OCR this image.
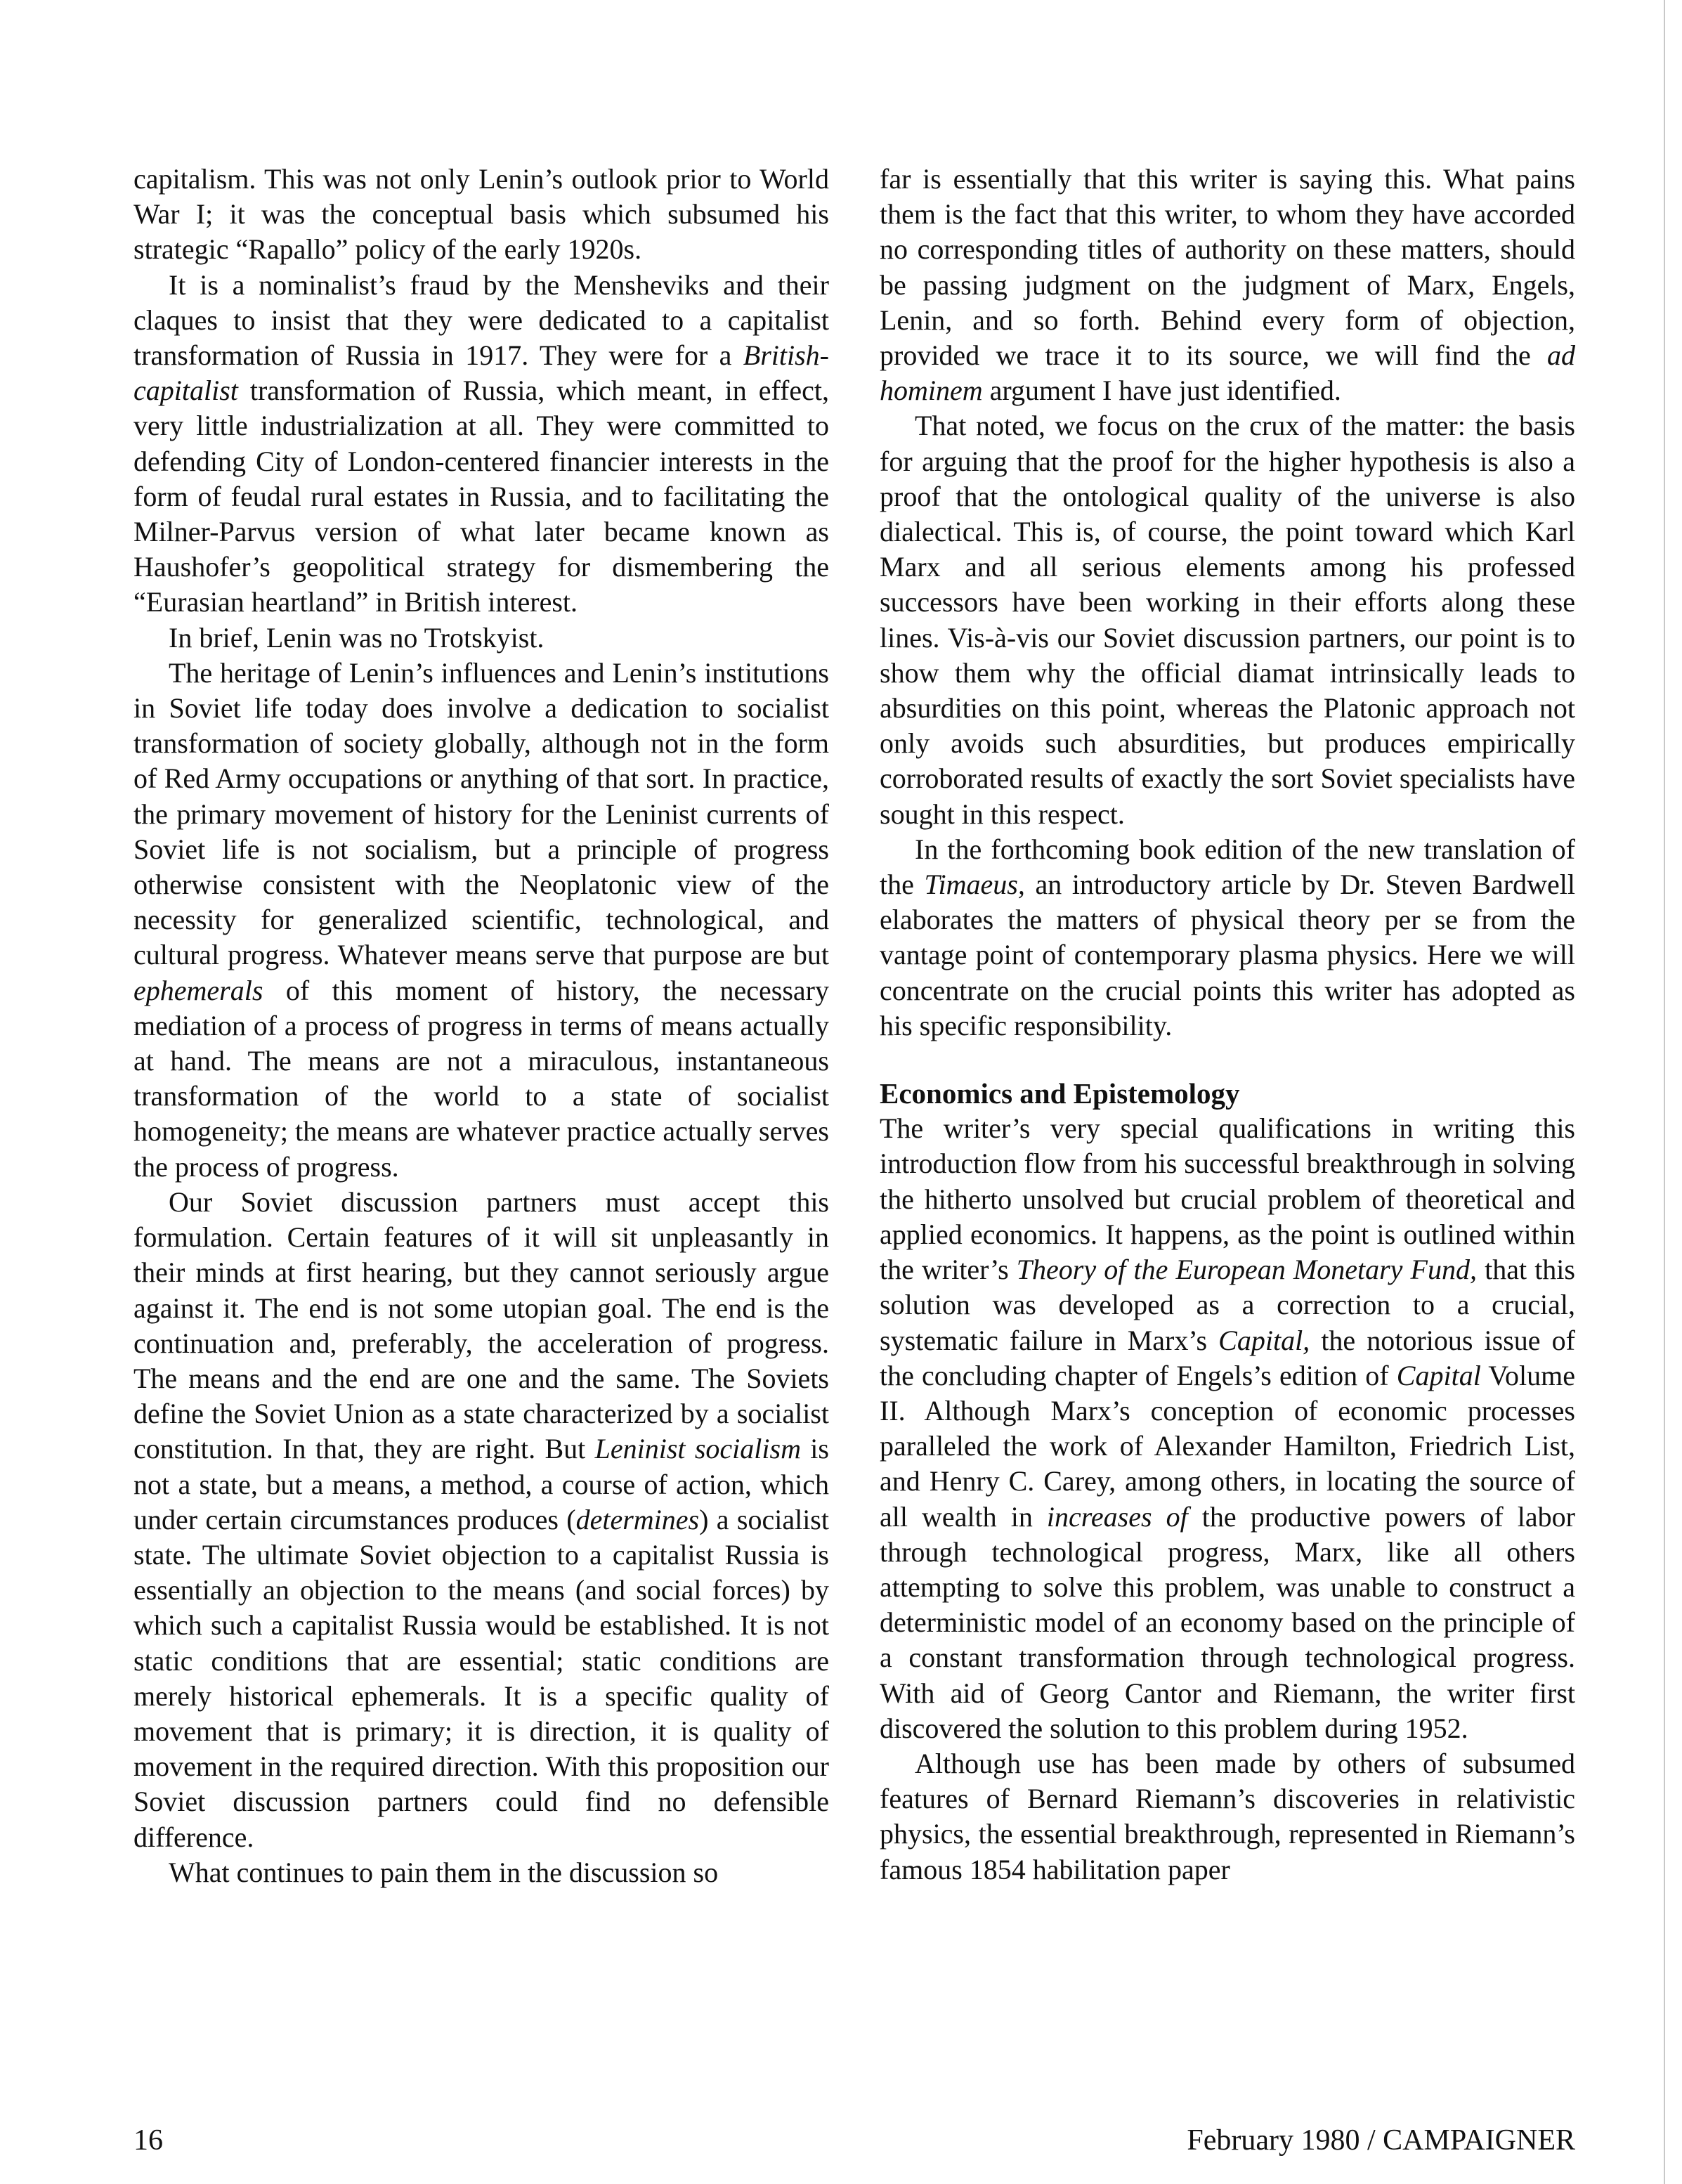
capitalism. This was not only Lenin’s outlook prior to World War I; it was the conceptual basis which subsumed his strategic “Rapallo” policy of the early 1920s.

It is a nominalist’s fraud by the Mensheviks and their claques to insist that they were dedicated to a capitalist transformation of Russia in 1917. They were for a British-capitalist transformation of Russia, which meant, in effect, very little industrialization at all. They were committed to defending City of London-centered financier interests in the form of feudal rural estates in Russia, and to facilitating the Milner-Parvus version of what later became known as Haushofer’s geopolitical strategy for dismembering the “Eurasian heartland” in British interest.

In brief, Lenin was no Trotskyist.

The heritage of Lenin’s influences and Lenin’s institutions in Soviet life today does involve a dedication to socialist transformation of society globally, although not in the form of Red Army occupations or anything of that sort. In practice, the primary movement of history for the Leninist currents of Soviet life is not socialism, but a principle of progress otherwise consistent with the Neoplatonic view of the necessity for generalized scientific, technological, and cultural progress. Whatever means serve that purpose are but ephemerals of this moment of history, the necessary mediation of a process of progress in terms of means actually at hand. The means are not a miraculous, instantaneous transformation of the world to a state of socialist homogeneity; the means are whatever practice actually serves the process of progress.

Our Soviet discussion partners must accept this formulation. Certain features of it will sit unpleasantly in their minds at first hearing, but they cannot seriously argue against it. The end is not some utopian goal. The end is the continuation and, preferably, the acceleration of progress. The means and the end are one and the same. The Soviets define the Soviet Union as a state characterized by a socialist constitution. In that, they are right. But Leninist socialism is not a state, but a means, a method, a course of action, which under certain circumstances produces (determines) a socialist state. The ultimate Soviet objection to a capitalist Russia is essentially an objection to the means (and social forces) by which such a capitalist Russia would be established. It is not static conditions that are essential; static conditions are merely historical ephemerals. It is a specific quality of movement that is primary; it is direction, it is quality of movement in the required direction. With this proposition our Soviet discussion partners could find no defensible difference.

What continues to pain them in the discussion so

far is essentially that this writer is saying this. What pains them is the fact that this writer, to whom they have accorded no corresponding titles of authority on these matters, should be passing judgment on the judgment of Marx, Engels, Lenin, and so forth. Behind every form of objection, provided we trace it to its source, we will find the ad hominem argument I have just identified.

That noted, we focus on the crux of the matter: the basis for arguing that the proof for the higher hypothesis is also a proof that the ontological quality of the universe is also dialectical. This is, of course, the point toward which Karl Marx and all serious elements among his professed successors have been working in their efforts along these lines. Vis-à-vis our Soviet discussion partners, our point is to show them why the official diamat intrinsically leads to absurdities on this point, whereas the Platonic approach not only avoids such absurdities, but produces empirically corroborated results of exactly the sort Soviet specialists have sought in this respect.

In the forthcoming book edition of the new translation of the Timaeus, an introductory article by Dr. Steven Bardwell elaborates the matters of physical theory per se from the vantage point of contemporary plasma physics. Here we will concentrate on the crucial points this writer has adopted as his specific responsibility.

Economics and Epistemology

The writer’s very special qualifications in writing this introduction flow from his successful breakthrough in solving the hitherto unsolved but crucial problem of theoretical and applied economics. It happens, as the point is outlined within the writer’s Theory of the European Monetary Fund, that this solution was developed as a correction to a crucial, systematic failure in Marx’s Capital, the notorious issue of the concluding chapter of Engels’s edition of Capital Volume II. Although Marx’s conception of economic processes paralleled the work of Alexander Hamilton, Friedrich List, and Henry C. Carey, among others, in locating the source of all wealth in increases of the productive powers of labor through technological progress, Marx, like all others attempting to solve this problem, was unable to construct a deterministic model of an economy based on the principle of a constant transformation through technological progress. With aid of Georg Cantor and Riemann, the writer first discovered the solution to this problem during 1952.

Although use has been made by others of subsumed features of Bernard Riemann’s discoveries in relativistic physics, the essential breakthrough, represented in Riemann’s famous 1854 habilitation paper

16	February 1980 / CAMPAIGNER
